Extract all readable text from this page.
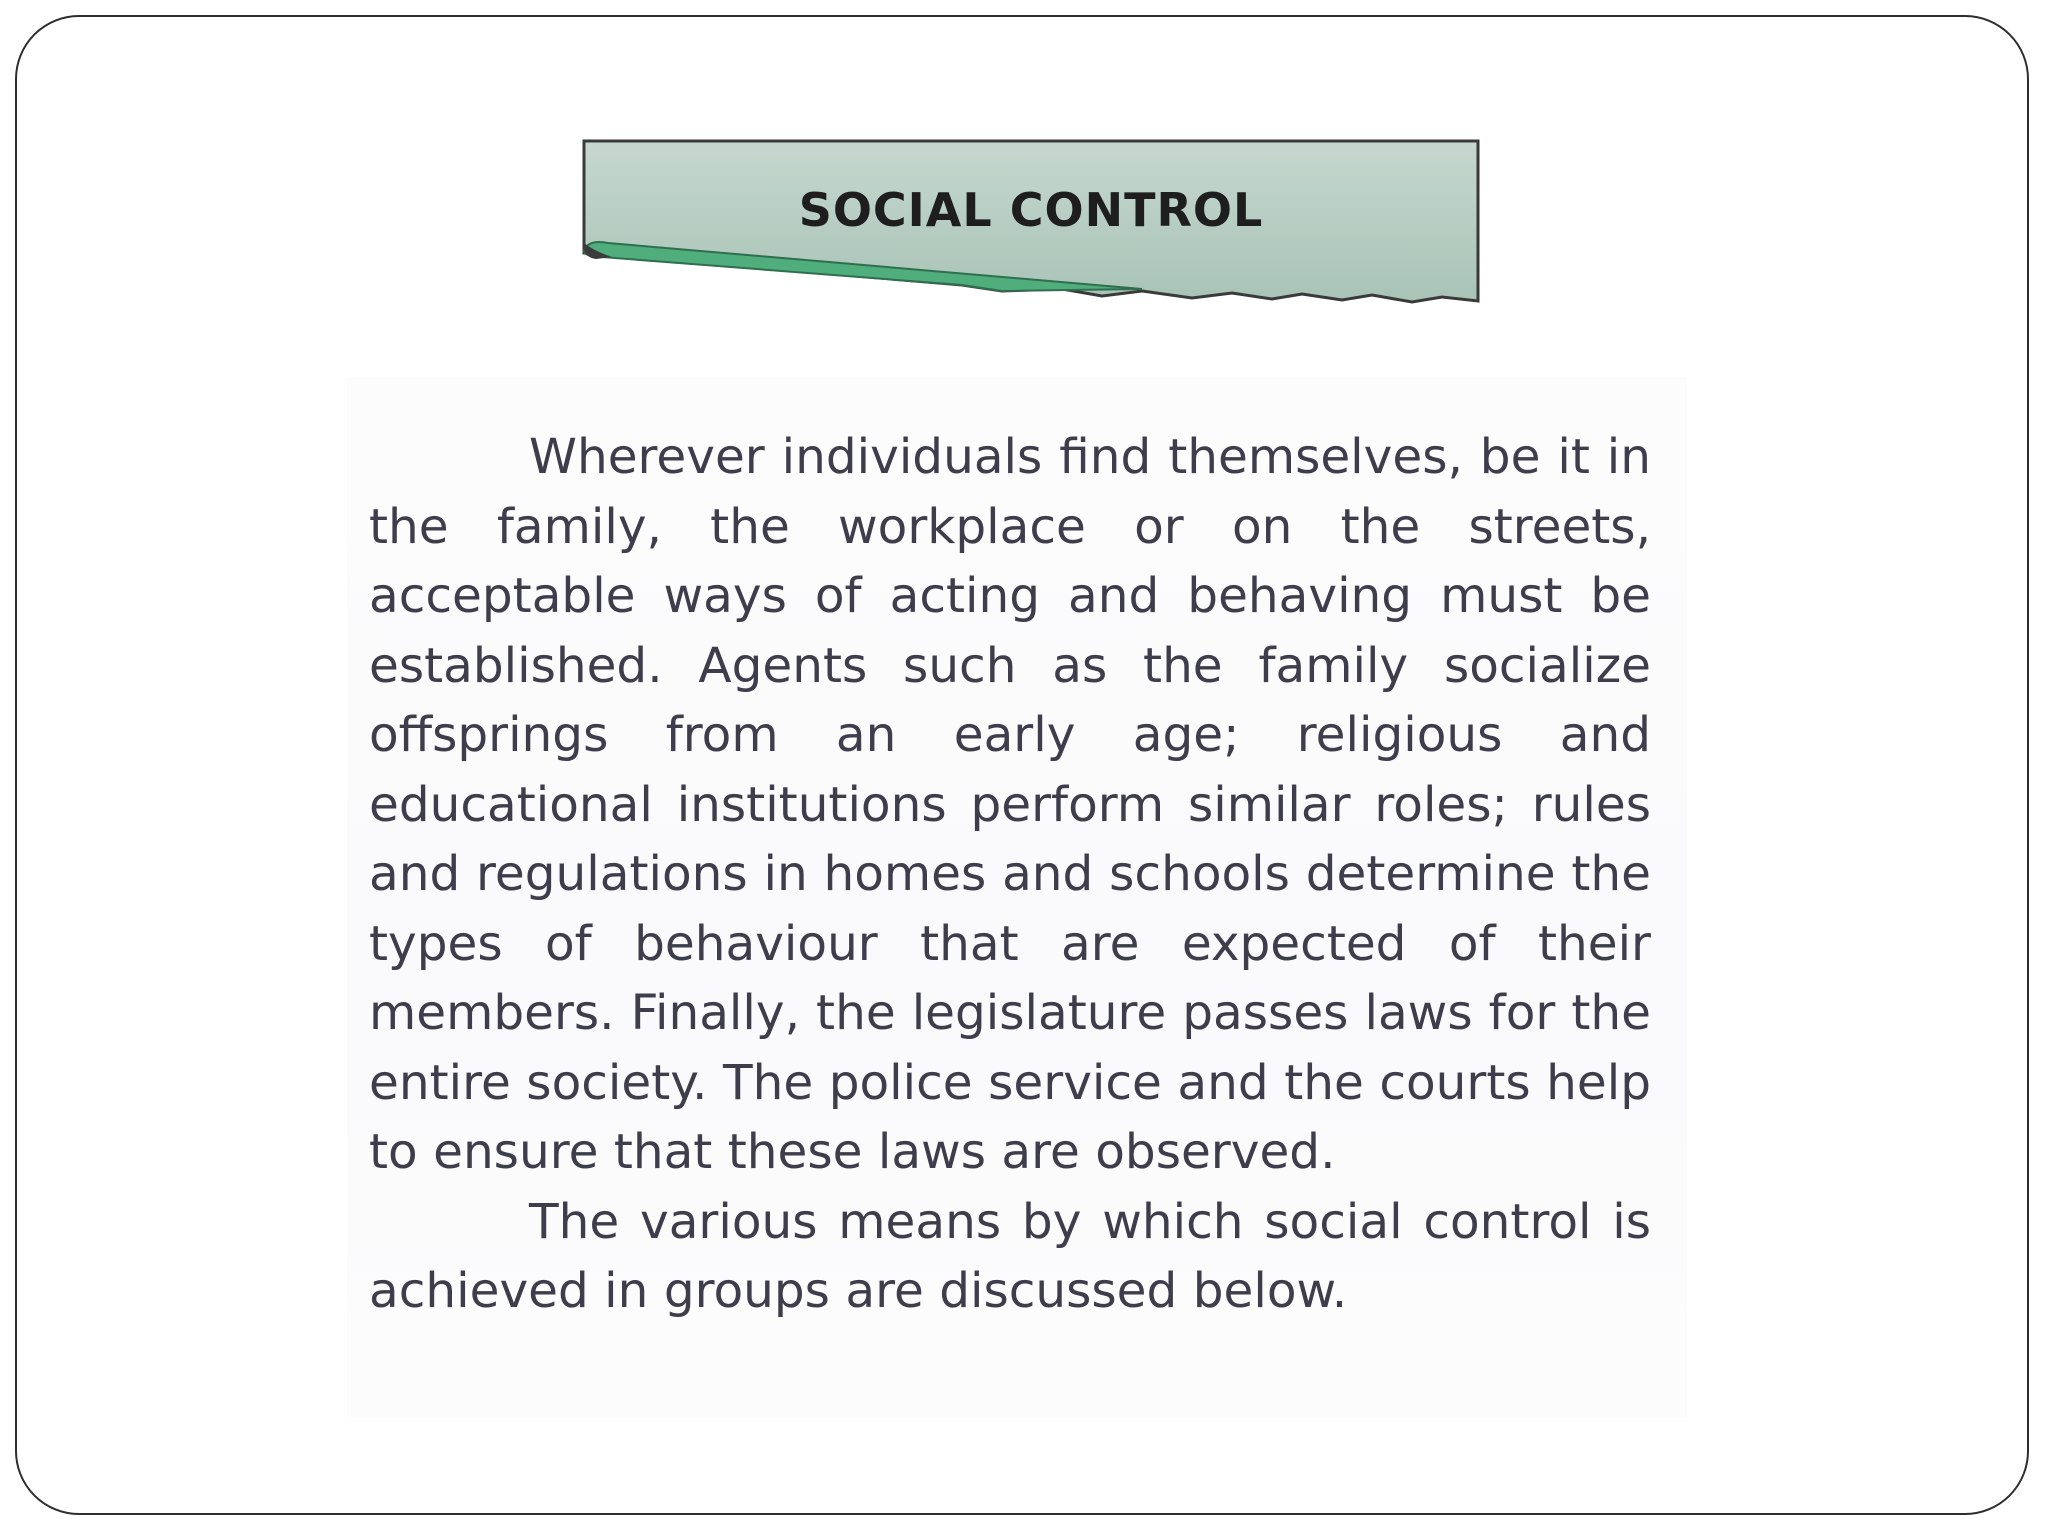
SOCIAL CONTROL

Wherever individuals find themselves, be it in the family, the workplace or on the streets, acceptable ways of acting and behaving must be established. Agents such as the family socialize offsprings from an early age; religious and educational institutions perform similar roles; rules and regulations in homes and schools determine the types of behaviour that are expected of their members. Finally, the legislature passes laws for the entire society. The police service and the courts help to ensure that these laws are observed.

The various means by which social control is achieved in groups are discussed below.
